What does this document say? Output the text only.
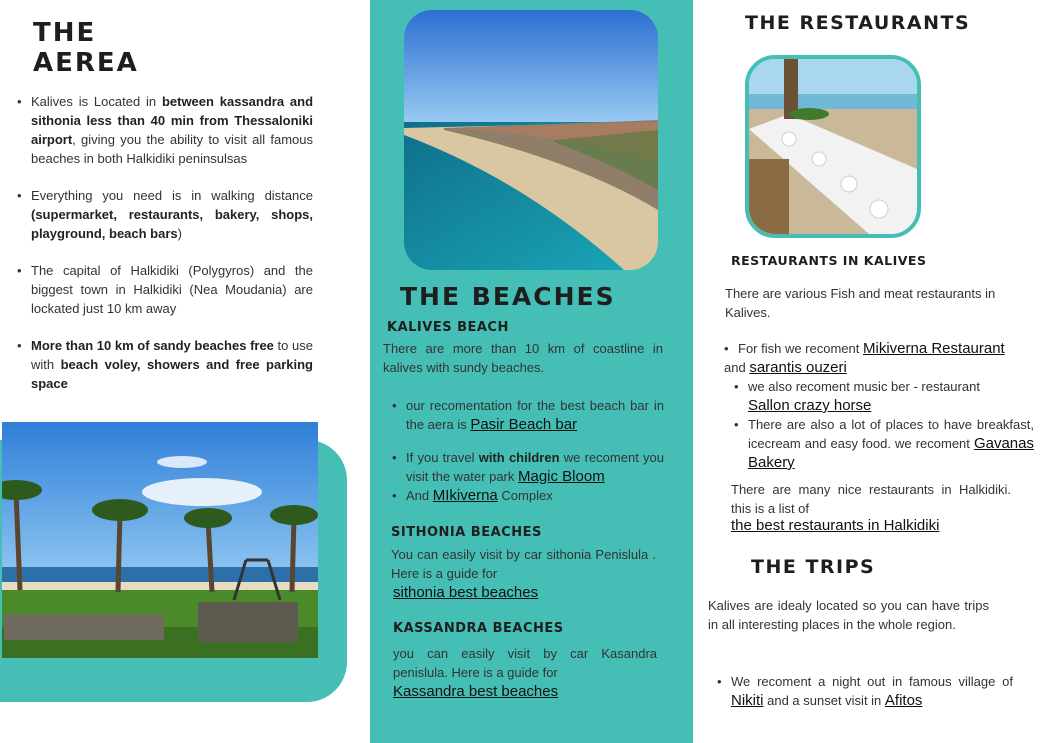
THE
AEREA
• Kalives is Located in between kassandra and sithonia less than 40 min from Thessaloniki airport, giving you the ability to visit all famous beaches in both Halkidiki peninsulsas
• Everything you need is in walking distance (supermarket, restaurants, bakery, shops, playground, beach bars)
• The capital of Halkidiki (Polygyros) and the biggest town in Halkidiki (Nea Moudania) are lockated just 10 km away
• More than 10 km of sandy beaches free to use with beach voley, showers and free parking space
THE BEACHES
KALIVES BEACH
There are more than 10 km of coastline in kalives with sundy beaches.
• our recomentation for the best beach bar in the aera is Pasir Beach bar
• If you travel with children we recoment you visit the water park Magic Bloom
• And MIkiverna Complex
SITHONIA BEACHES
You can easily visit by car sithonia Penislula . Here is a guide for
sithonia best beaches
KASSANDRA BEACHES
you can easily visit by car Kasandra penislula. Here is a guide for
Kassandra best beaches
THE RESTAURANTS
RESTAURANTS IN KALIVES
There are various Fish and meat restaurants in Kalives.
• For fish we recoment Mikiverna Restaurant
and sarantis ouzeri
• we also recoment music ber - restaurant
Sallon crazy horse
• There are also a lot of places to have breakfast, icecream and easy food. we recoment Gavanas Bakery
There are many nice restaurants in Halkidiki. this is a list of
the best restaurants in Halkidiki
THE TRIPS
Kalives are idealy located so you can have trips in all interesting places in the whole region.
• We recoment a night out in famous village of Nikiti and a sunset visit in Afitos
